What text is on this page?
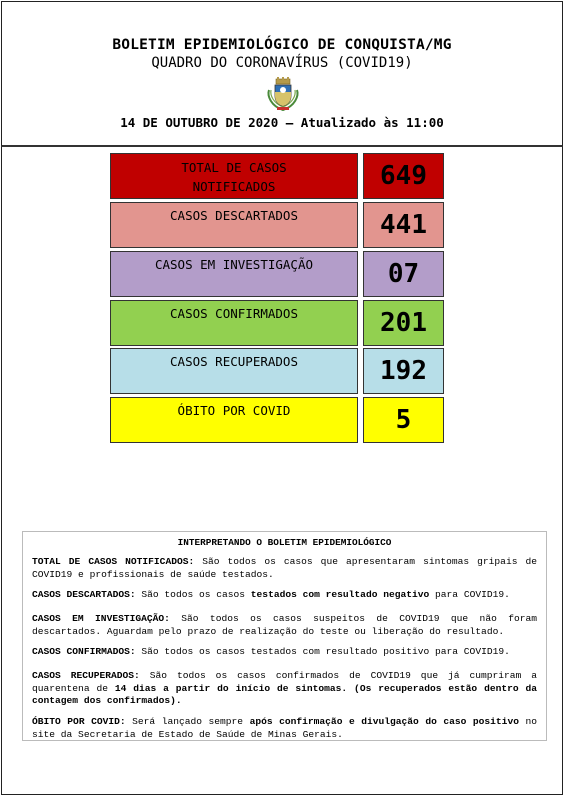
BOLETIM EPIDEMIOLÓGICO DE CONQUISTA/MG
QUADRO DO CORONAVÍRUS (COVID19)
14 DE OUTUBRO DE 2020 – Atualizado às 11:00
TOTAL DE CASOS NOTIFICADOS	649
CASOS DESCARTADOS	441
CASOS EM INVESTIGAÇÃO	07
CASOS CONFIRMADOS	201
CASOS RECUPERADOS	192
ÓBITO POR COVID	5
INTERPRETANDO O BOLETIM EPIDEMIOLÓGICO
TOTAL DE CASOS NOTIFICADOS: São todos os casos que apresentaram sintomas gripais de COVID19 e profissionais de saúde testados.
CASOS DESCARTADOS: São todos os casos testados com resultado negativo para COVID19.
CASOS EM INVESTIGAÇÃO: São todos os casos suspeitos de COVID19 que não foram descartados. Aguardam pelo prazo de realização do teste ou liberação do resultado.
CASOS CONFIRMADOS: São todos os casos testados com resultado positivo para COVID19.
CASOS RECUPERADOS: São todos os casos confirmados de COVID19 que já cumpriram a quarentena de 14 dias a partir do início de sintomas. (Os recuperados estão dentro da contagem dos confirmados).
ÓBITO POR COVID: Será lançado sempre após confirmação e divulgação do caso positivo no site da Secretaria de Estado de Saúde de Minas Gerais.
